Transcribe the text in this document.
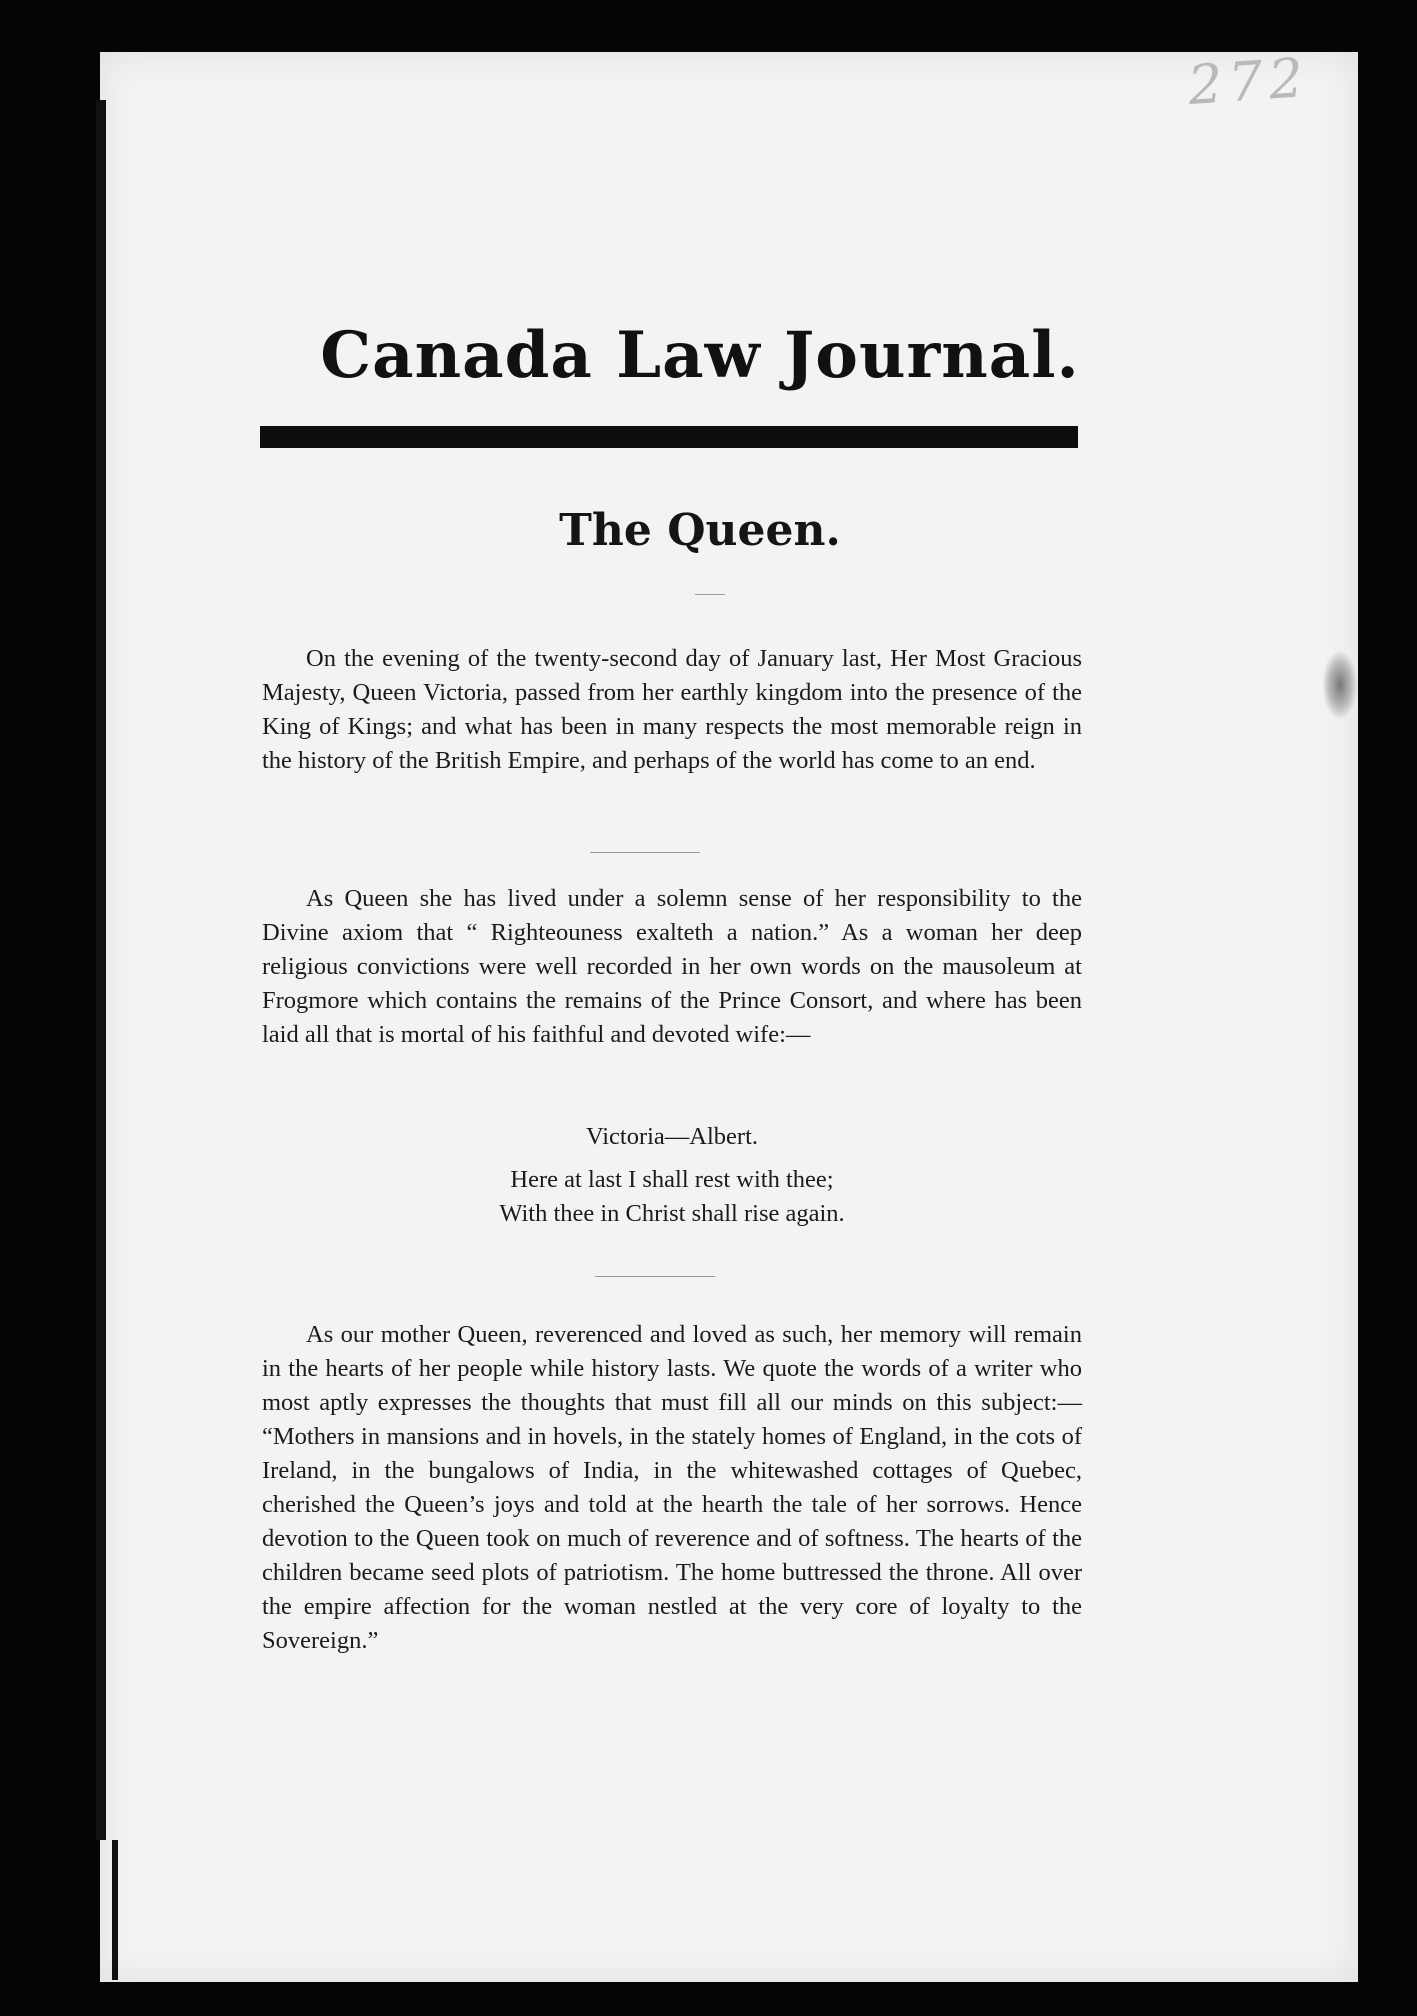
272
Canada Law Journal.
The Queen.

On the evening of the twenty-second day of January last, Her Most Gracious Majesty, Queen Victoria, passed from her earthly kingdom into the presence of the King of Kings; and what has been in many respects the most memorable reign in the history of the British Empire, and perhaps of the world has come to an end.

As Queen she has lived under a solemn sense of her responsibility to the Divine axiom that “ Righteouness exalteth a nation.” As a woman her deep religious convictions were well recorded in her own words on the mausoleum at Frogmore which contains the remains of the Prince Consort, and where has been laid all that is mortal of his faithful and devoted wife:—

Victoria—Albert.
Here at last I shall rest with thee;
With thee in Christ shall rise again.

As our mother Queen, reverenced and loved as such, her memory will remain in the hearts of her people while history lasts. We quote the words of a writer who most aptly expresses the thoughts that must fill all our minds on this subject:— “Mothers in mansions and in hovels, in the stately homes of England, in the cots of Ireland, in the bungalows of India, in the whitewashed cottages of Quebec, cherished the Queen’s joys and told at the hearth the tale of her sorrows. Hence devotion to the Queen took on much of reverence and of softness. The hearts of the children became seed plots of patriotism. The home buttressed the throne. All over the empire affection for the woman nestled at the very core of loyalty to the Sovereign.”
